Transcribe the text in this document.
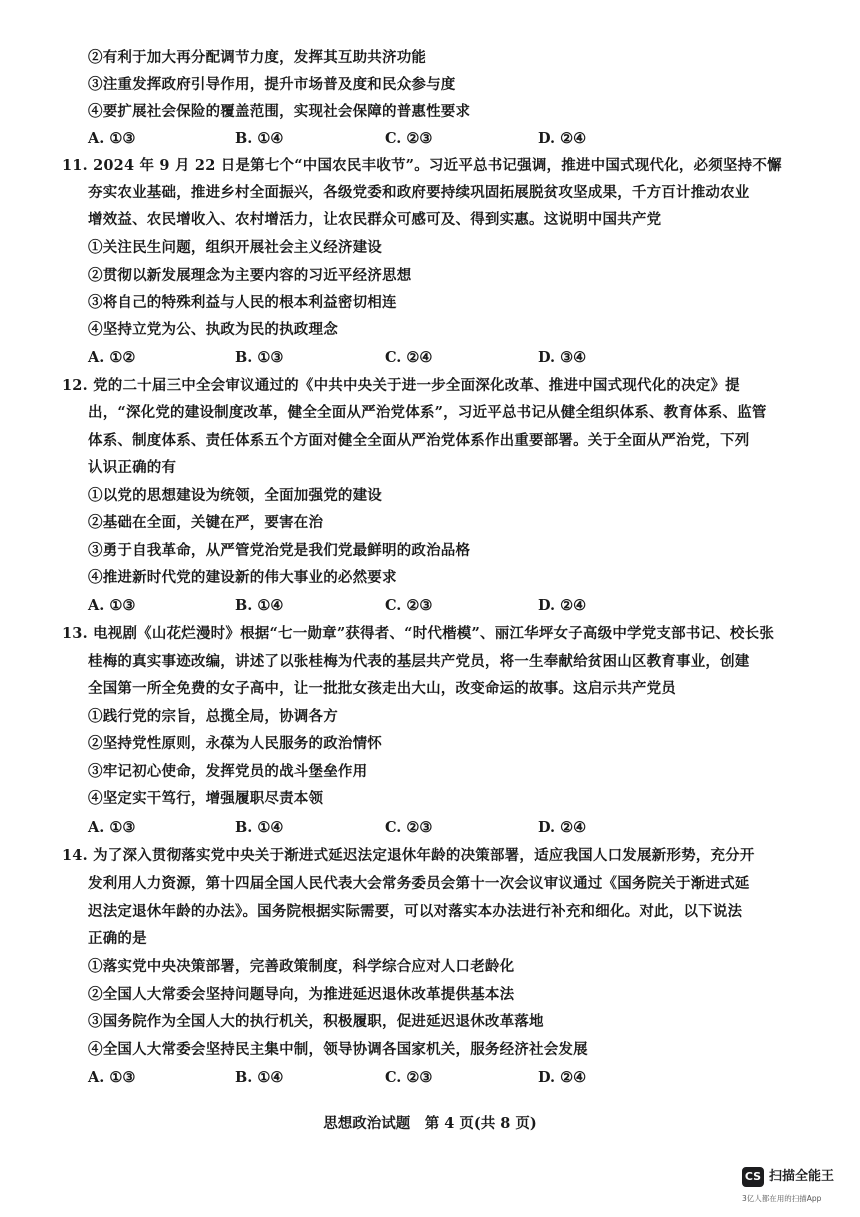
②有利于加大再分配调节力度，发挥其互助共济功能
③注重发挥政府引导作用，提升市场普及度和民众参与度
④要扩展社会保险的覆盖范围，实现社会保障的普惠性要求
A. ①③	B. ①④	C. ②③	D. ②④
11. 2024 年 9 月 22 日是第七个“中国农民丰收节”。习近平总书记强调，推进中国式现代化，必须坚持不懈
夯实农业基础，推进乡村全面振兴，各级党委和政府要持续巩固拓展脱贫攻坚成果，千方百计推动农业
增效益、农民增收入、农村增活力，让农民群众可感可及、得到实惠。这说明中国共产党
①关注民生问题，组织开展社会主义经济建设
②贯彻以新发展理念为主要内容的习近平经济思想
③将自己的特殊利益与人民的根本利益密切相连
④坚持立党为公、执政为民的执政理念
A. ①②	B. ①③	C. ②④	D. ③④
12. 党的二十届三中全会审议通过的《中共中央关于进一步全面深化改革、推进中国式现代化的决定》提
出，“深化党的建设制度改革，健全全面从严治党体系”，习近平总书记从健全组织体系、教育体系、监管
体系、制度体系、责任体系五个方面对健全全面从严治党体系作出重要部署。关于全面从严治党，下列
认识正确的有
①以党的思想建设为统领，全面加强党的建设
②基础在全面，关键在严，要害在治
③勇于自我革命，从严管党治党是我们党最鲜明的政治品格
④推进新时代党的建设新的伟大事业的必然要求
A. ①③	B. ①④	C. ②③	D. ②④
13. 电视剧《山花烂漫时》根据“七一勋章”获得者、“时代楷模”、丽江华坪女子高级中学党支部书记、校长张
桂梅的真实事迹改编，讲述了以张桂梅为代表的基层共产党员，将一生奉献给贫困山区教育事业，创建
全国第一所全免费的女子高中，让一批批女孩走出大山，改变命运的故事。这启示共产党员
①践行党的宗旨，总揽全局，协调各方
②坚持党性原则，永葆为人民服务的政治情怀
③牢记初心使命，发挥党员的战斗堡垒作用
④坚定实干笃行，增强履职尽责本领
A. ①③	B. ①④	C. ②③	D. ②④
14. 为了深入贯彻落实党中央关于渐进式延迟法定退休年龄的决策部署，适应我国人口发展新形势，充分开
发利用人力资源，第十四届全国人民代表大会常务委员会第十一次会议审议通过《国务院关于渐进式延
迟法定退休年龄的办法》。国务院根据实际需要，可以对落实本办法进行补充和细化。对此，以下说法
正确的是
①落实党中央决策部署，完善政策制度，科学综合应对人口老龄化
②全国人大常委会坚持问题导向，为推进延迟退休改革提供基本法
③国务院作为全国人大的执行机关，积极履职，促进延迟退休改革落地
④全国人大常委会坚持民主集中制，领导协调各国家机关，服务经济社会发展
A. ①③	B. ①④	C. ②③	D. ②④
思想政治试题　第 4 页(共 8 页)
CS 扫描全能王
3亿人都在用的扫描App
